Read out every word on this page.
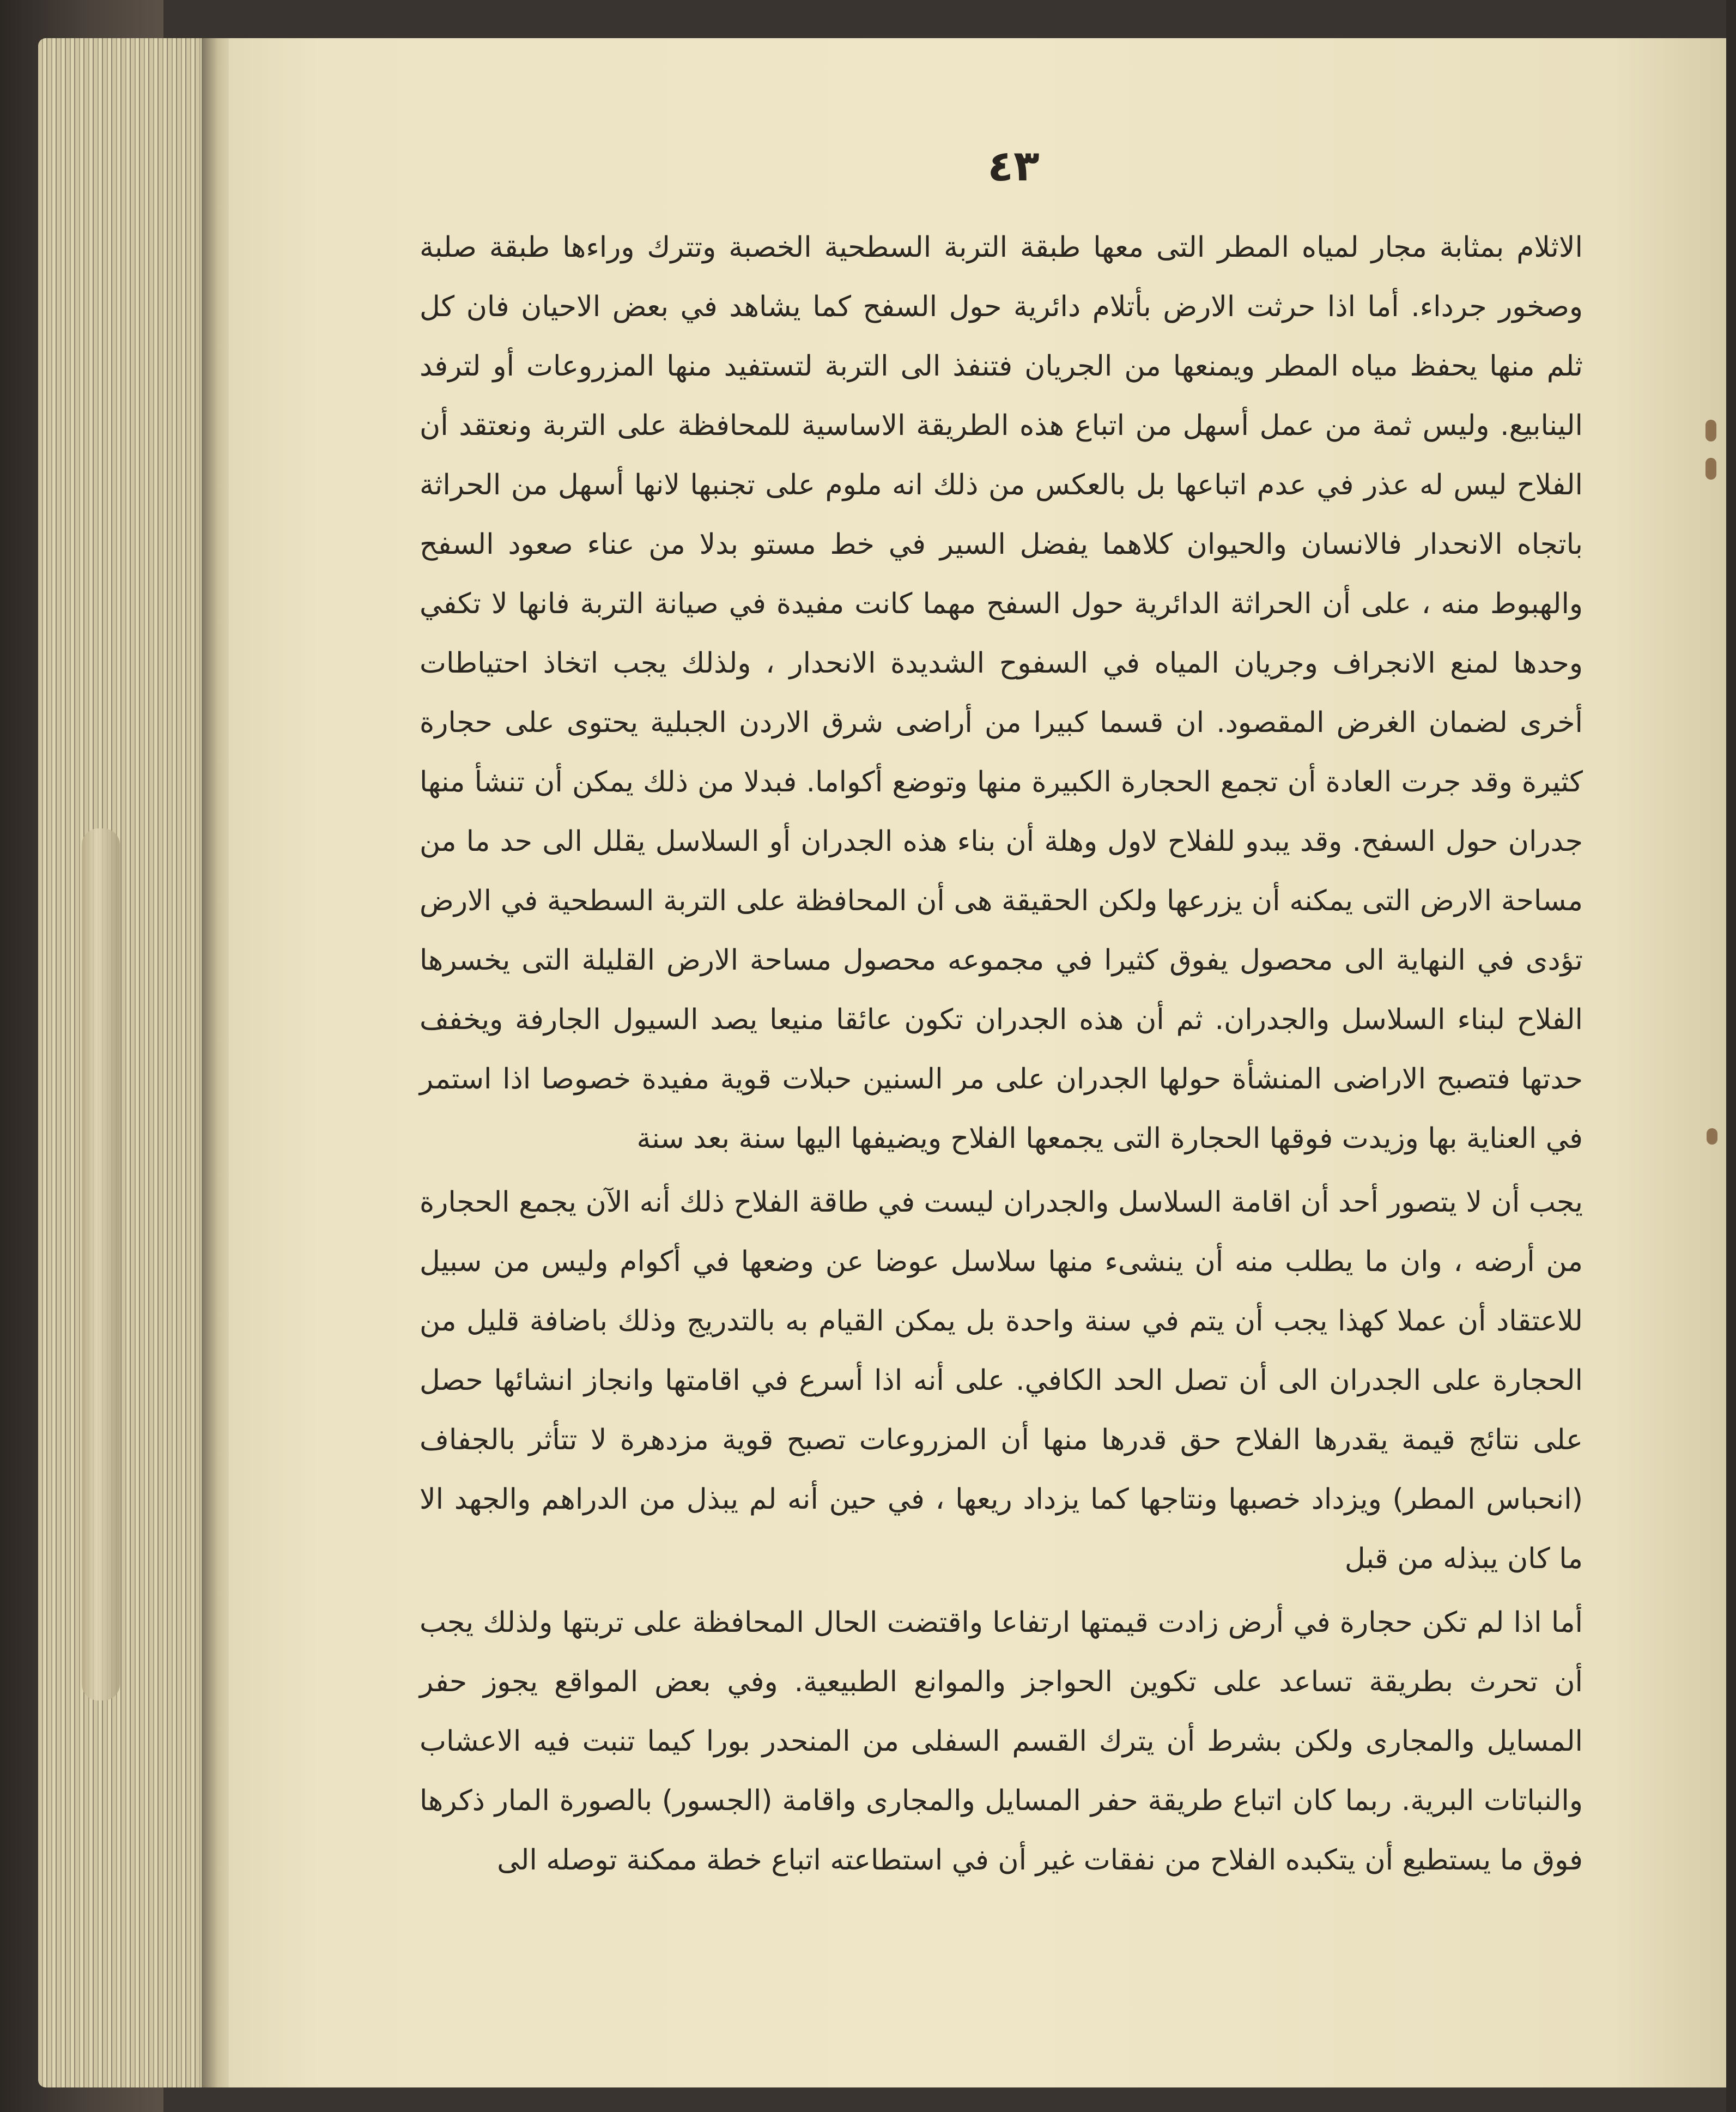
٤٣

الاثلام بمثابة مجار لمياه المطر التى معها طبقة التربة السطحية الخصبة وتترك وراءها طبقة صلبة وصخور جرداء. أما اذا حرثت الارض بأتلام دائرية حول السفح كما يشاهد في بعض الاحيان فان كل ثلم منها يحفظ مياه المطر ويمنعها من الجريان فتنفذ الى التربة لتستفيد منها المزروعات أو لترفد الينابيع. وليس ثمة من عمل أسهل من اتباع هذه الطريقة الاساسية للمحافظة على التربة ونعتقد أن الفلاح ليس له عذر في عدم اتباعها بل بالعكس من ذلك انه ملوم على تجنبها لانها أسهل من الحراثة باتجاه الانحدار فالانسان والحيوان كلاهما يفضل السير في خط مستو بدلا من عناء صعود السفح والهبوط منه ، على أن الحراثة الدائرية حول السفح مهما كانت مفيدة في صيانة التربة فانها لا تكفي وحدها لمنع الانجراف وجريان المياه في السفوح الشديدة الانحدار ، ولذلك يجب اتخاذ احتياطات أخرى لضمان الغرض المقصود. ان قسما كبيرا من أراضى شرق الاردن الجبلية يحتوى على حجارة كثيرة وقد جرت العادة أن تجمع الحجارة الكبيرة منها وتوضع أكواما. فبدلا من ذلك يمكن أن تنشأ منها جدران حول السفح. وقد يبدو للفلاح لاول وهلة أن بناء هذه الجدران أو السلاسل يقلل الى حد ما من مساحة الارض التى يمكنه أن يزرعها ولكن الحقيقة هى أن المحافظة على التربة السطحية في الارض تؤدى في النهاية الى محصول يفوق كثيرا في مجموعه محصول مساحة الارض القليلة التى يخسرها الفلاح لبناء السلاسل والجدران. ثم أن هذه الجدران تكون عائقا منيعا يصد السيول الجارفة ويخفف حدتها فتصبح الاراضى المنشأة حولها الجدران على مر السنين حبلات قوية مفيدة خصوصا اذا استمر في العناية بها وزيدت فوقها الحجارة التى يجمعها الفلاح ويضيفها اليها سنة بعد سنة

يجب أن لا يتصور أحد أن اقامة السلاسل والجدران ليست في طاقة الفلاح ذلك أنه الآن يجمع الحجارة من أرضه ، وان ما يطلب منه أن ينشىء منها سلاسل عوضا عن وضعها في أكوام وليس من سبيل للاعتقاد أن عملا كهذا يجب أن يتم في سنة واحدة بل يمكن القيام به بالتدريج وذلك باضافة قليل من الحجارة على الجدران الى أن تصل الحد الكافي. على أنه اذا أسرع في اقامتها وانجاز انشائها حصل على نتائج قيمة يقدرها الفلاح حق قدرها منها أن المزروعات تصبح قوية مزدهرة لا تتأثر بالجفاف (انحباس المطر) ويزداد خصبها ونتاجها كما يزداد ريعها ، في حين أنه لم يبذل من الدراهم والجهد الا ما كان يبذله من قبل

أما اذا لم تكن حجارة في أرض زادت قيمتها ارتفاعا واقتضت الحال المحافظة على تربتها ولذلك يجب أن تحرث بطريقة تساعد على تكوين الحواجز والموانع الطبيعية. وفي بعض المواقع يجوز حفر المسايل والمجارى ولكن بشرط أن يترك القسم السفلى من المنحدر بورا كيما تنبت فيه الاعشاب والنباتات البرية. ربما كان اتباع طريقة حفر المسايل والمجارى واقامة (الجسور) بالصورة المار ذكرها فوق ما يستطيع أن يتكبده الفلاح من نفقات غير أن في استطاعته اتباع خطة ممكنة توصله الى
